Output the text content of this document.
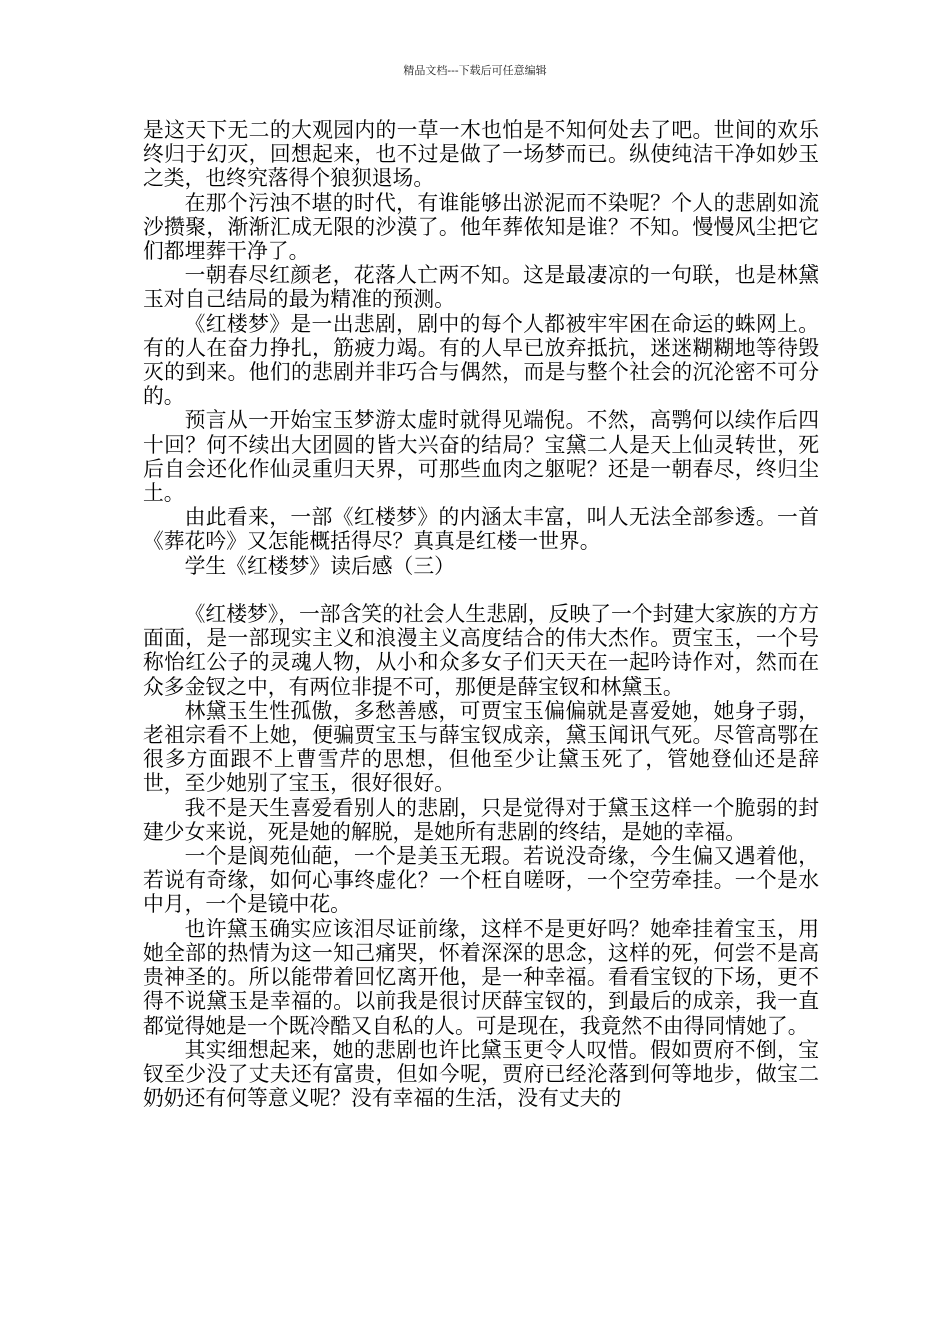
精品文档---下载后可任意编辑

是这天下无二的大观园内的一草一木也怕是不知何处去了吧。世间的欢乐终归于幻灭，回想起来，也不过是做了一场梦而已。纵使纯洁干净如妙玉之类，也终究落得个狼狈退场。

在那个污浊不堪的时代，有谁能够出淤泥而不染呢？个人的悲剧如流沙攒聚，渐渐汇成无限的沙漠了。他年葬侬知是谁？不知。慢慢风尘把它们都埋葬干净了。

一朝春尽红颜老，花落人亡两不知。这是最凄凉的一句联，也是林黛玉对自己结局的最为精准的预测。

《红楼梦》是一出悲剧，剧中的每个人都被牢牢困在命运的蛛网上。有的人在奋力挣扎，筋疲力竭。有的人早已放弃抵抗，迷迷糊糊地等待毁灭的到来。他们的悲剧并非巧合与偶然，而是与整个社会的沉沦密不可分的。

预言从一开始宝玉梦游太虚时就得见端倪。不然，高鹗何以续作后四十回？何不续出大团圆的皆大兴奋的结局？宝黛二人是天上仙灵转世，死后自会还化作仙灵重归天界，可那些血肉之躯呢？还是一朝春尽，终归尘土。

由此看来，一部《红楼梦》的内涵太丰富，叫人无法全部参透。一首《葬花吟》又怎能概括得尽？真真是红楼一世界。

学生《红楼梦》读后感（三）

《红楼梦》，一部含笑的社会人生悲剧，反映了一个封建大家族的方方面面，是一部现实主义和浪漫主义高度结合的伟大杰作。贾宝玉，一个号称怡红公子的灵魂人物，从小和众多女子们天天在一起吟诗作对，然而在众多金钗之中，有两位非提不可，那便是薛宝钗和林黛玉。

林黛玉生性孤傲，多愁善感，可贾宝玉偏偏就是喜爱她，她身子弱，老祖宗看不上她，便骗贾宝玉与薛宝钗成亲，黛玉闻讯气死。尽管高鄂在很多方面跟不上曹雪芹的思想，但他至少让黛玉死了，管她登仙还是辞世，至少她别了宝玉，很好很好。

我不是天生喜爱看别人的悲剧，只是觉得对于黛玉这样一个脆弱的封建少女来说，死是她的解脱，是她所有悲剧的终结，是她的幸福。

一个是阆苑仙葩，一个是美玉无瑕。若说没奇缘，今生偏又遇着他，若说有奇缘，如何心事终虚化？一个枉自嗟呀，一个空劳牵挂。一个是水中月，一个是镜中花。

也许黛玉确实应该泪尽证前缘，这样不是更好吗？她牵挂着宝玉，用她全部的热情为这一知己痛哭，怀着深深的思念，这样的死，何尝不是高贵神圣的。所以能带着回忆离开他，是一种幸福。看看宝钗的下场，更不得不说黛玉是幸福的。以前我是很讨厌薛宝钗的，到最后的成亲，我一直都觉得她是一个既冷酷又自私的人。可是现在，我竟然不由得同情她了。

其实细想起来，她的悲剧也许比黛玉更令人叹惜。假如贾府不倒，宝钗至少没了丈夫还有富贵，但如今呢，贾府已经沦落到何等地步，做宝二奶奶还有何等意义呢？没有幸福的生活，没有丈夫的
